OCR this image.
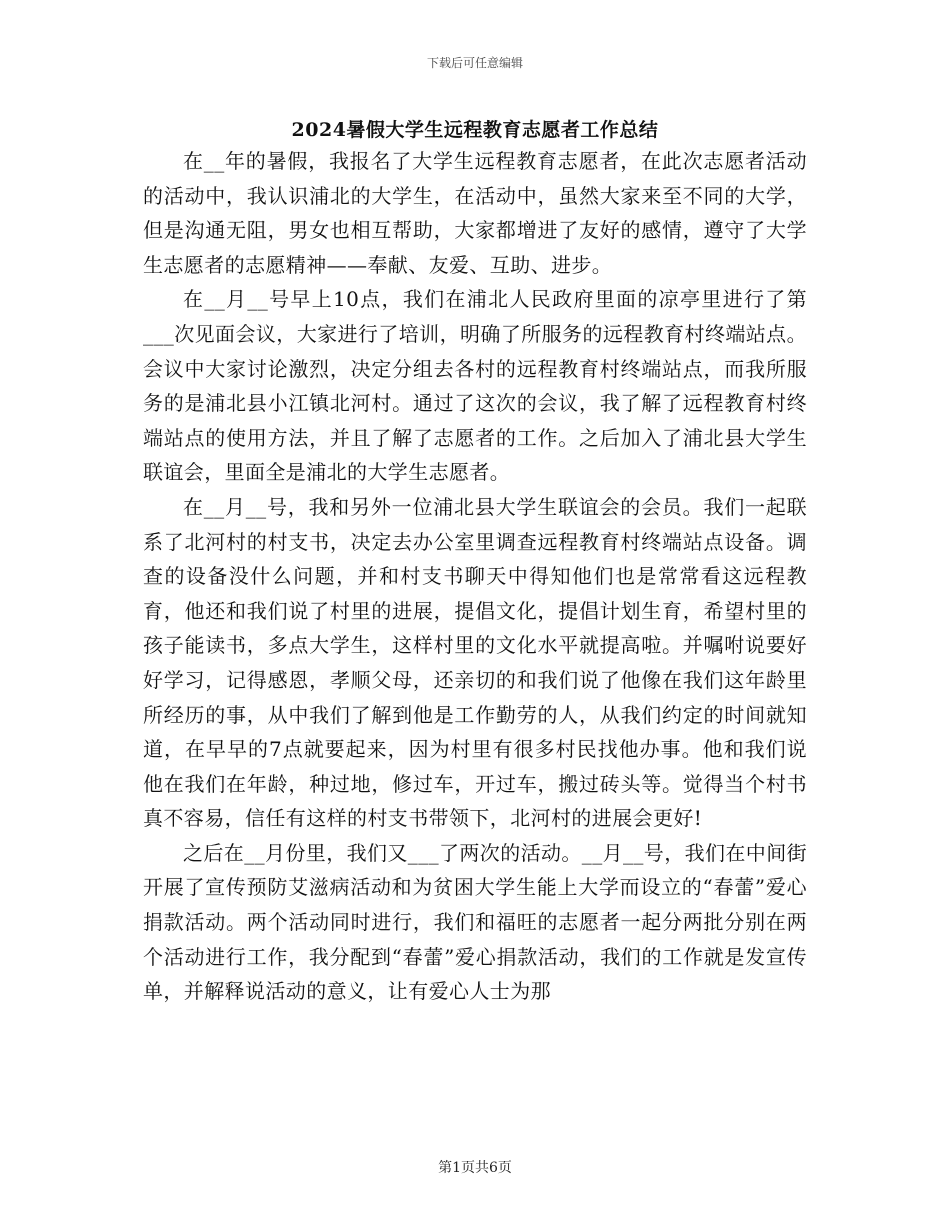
下载后可任意编辑
2024暑假大学生远程教育志愿者工作总结

在__年的暑假，我报名了大学生远程教育志愿者，在此次志愿者活动的活动中，我认识浦北的大学生，在活动中，虽然大家来至不同的大学，但是沟通无阻，男女也相互帮助，大家都增进了友好的感情，遵守了大学生志愿者的志愿精神——奉献、友爱、互助、进步。

在__月__号早上10点，我们在浦北人民政府里面的凉亭里进行了第___次见面会议，大家进行了培训，明确了所服务的远程教育村终端站点。会议中大家讨论激烈，决定分组去各村的远程教育村终端站点，而我所服务的是浦北县小江镇北河村。通过了这次的会议，我了解了远程教育村终端站点的使用方法，并且了解了志愿者的工作。之后加入了浦北县大学生联谊会，里面全是浦北的大学生志愿者。

在__月__号，我和另外一位浦北县大学生联谊会的会员。我们一起联系了北河村的村支书，决定去办公室里调查远程教育村终端站点设备。调查的设备没什么问题，并和村支书聊天中得知他们也是常常看这远程教育，他还和我们说了村里的进展，提倡文化，提倡计划生育，希望村里的孩子能读书，多点大学生，这样村里的文化水平就提高啦。并嘱咐说要好好学习，记得感恩，孝顺父母，还亲切的和我们说了他像在我们这年龄里所经历的事，从中我们了解到他是工作勤劳的人，从我们约定的时间就知道，在早早的7点就要起来，因为村里有很多村民找他办事。他和我们说他在我们在年龄，种过地，修过车，开过车，搬过砖头等。觉得当个村书真不容易，信任有这样的村支书带领下，北河村的进展会更好!

之后在__月份里，我们又___了两次的活动。__月__号，我们在中间街开展了宣传预防艾滋病活动和为贫困大学生能上大学而设立的“春蕾”爱心捐款活动。两个活动同时进行，我们和福旺的志愿者一起分两批分别在两个活动进行工作，我分配到“春蕾”爱心捐款活动，我们的工作就是发宣传单，并解释说活动的意义，让有爱心人士为那

第1页共6页
